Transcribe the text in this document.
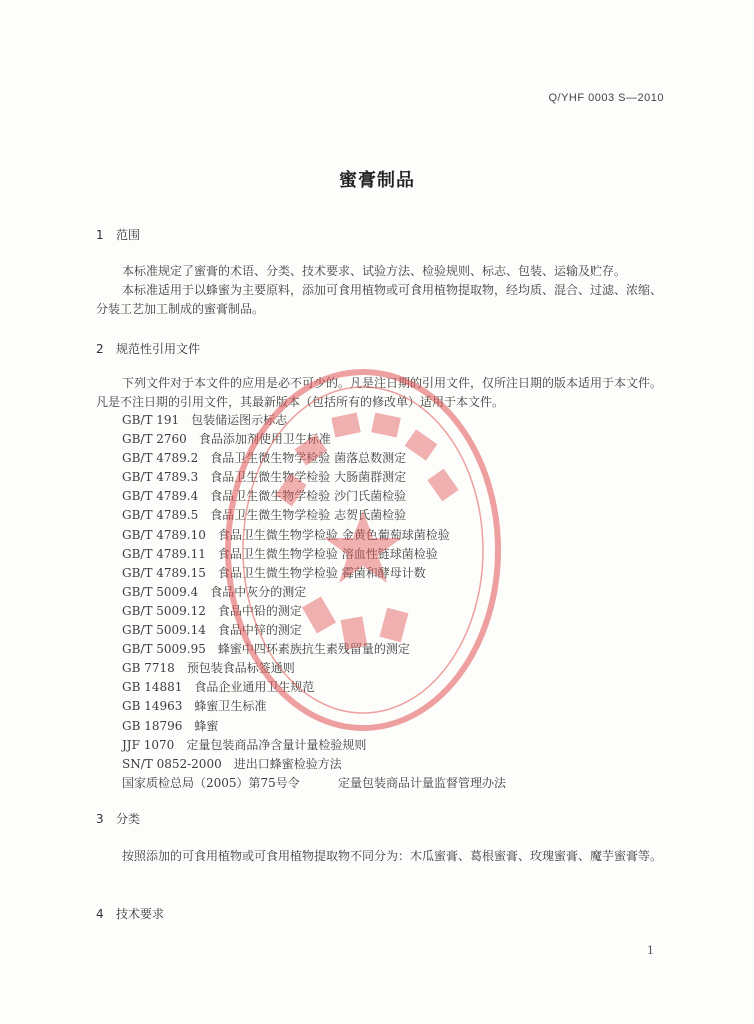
Q/YHF 0003 S—2010
蜜膏制品
1 范围
本标准规定了蜜膏的术语、分类、技术要求、试验方法、检验规则、标志、包装、运输及贮存。
本标准适用于以蜂蜜为主要原料，添加可食用植物或可食用植物提取物，经均质、混合、过滤、浓缩、分装工艺加工制成的蜜膏制品。
2 规范性引用文件
下列文件对于本文件的应用是必不可少的。凡是注日期的引用文件，仅所注日期的版本适用于本文件。凡是不注日期的引用文件，其最新版本（包括所有的修改单）适用于本文件。
GB/T 191 包装储运图示标志
GB/T 2760 食品添加剂使用卫生标准
GB/T 4789.2 食品卫生微生物学检验 菌落总数测定
GB/T 4789.3 食品卫生微生物学检验 大肠菌群测定
GB/T 4789.4 食品卫生微生物学检验 沙门氏菌检验
GB/T 4789.5 食品卫生微生物学检验 志贺氏菌检验
GB/T 4789.10 食品卫生微生物学检验 金黄色葡萄球菌检验
GB/T 4789.11 食品卫生微生物学检验 溶血性链球菌检验
GB/T 4789.15 食品卫生微生物学检验 霉菌和酵母计数
GB/T 5009.4 食品中灰分的测定
GB/T 5009.12 食品中铅的测定
GB/T 5009.14 食品中锌的测定
GB/T 5009.95 蜂蜜中四环素族抗生素残留量的测定
GB 7718 预包装食品标签通则
GB 14881 食品企业通用卫生规范
GB 14963 蜂蜜卫生标准
GB 18796 蜂蜜
JJF 1070 定量包装商品净含量计量检验规则
SN/T 0852-2000 进出口蜂蜜检验方法
国家质检总局（2005）第75号令	定量包装商品计量监督管理办法
3 分类
按照添加的可食用植物或可食用植物提取物不同分为：木瓜蜜膏、葛根蜜膏、玫瑰蜜膏、魔芋蜜膏等。
4 技术要求
1
